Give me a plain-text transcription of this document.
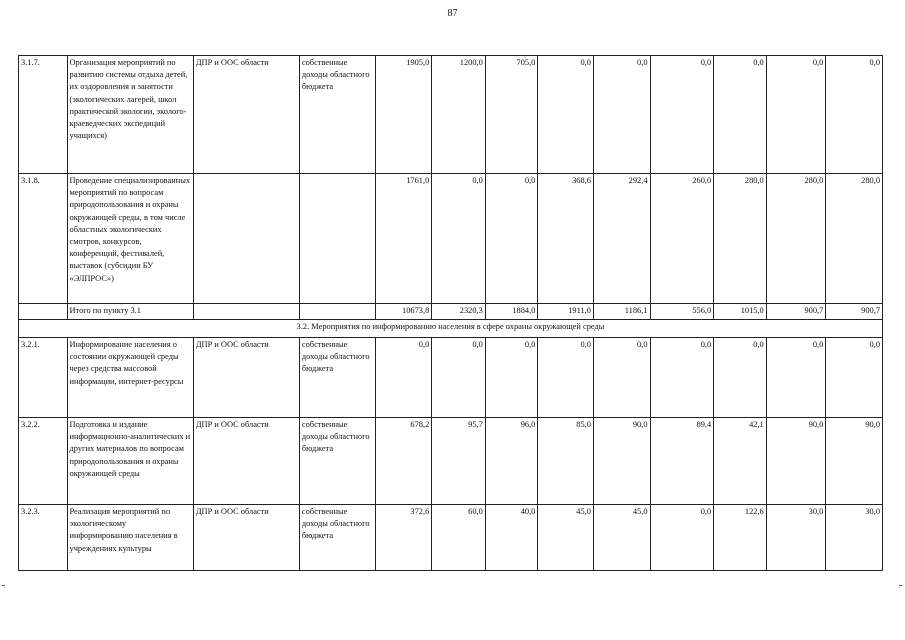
87
3.1.7.	Организация мероприятий по развитию системы отдыха детей, их оздоровления и занятости (экологических лагерей, школ практической экологии, эколого-краеведческих экспедиций учащихся)	ДПР и ООС области	собственные доходы областного бюджета	1905,0	1200,0	705,0	0,0	0,0	0,0	0,0	0,0	0,0
3.1.8.	Проведение специализированных мероприятий по вопросам природопользования и охраны окружающей среды, в том числе областных экологических смотров, конкурсов, конференций, фестивалей, выставок (субсидии БУ «ЭЛПРОС»)			1761,0	0,0	0,0	368,6	292,4	260,0	280,0	280,0	280,0
	Итого по пункту 3.1			10673,8	2320,3	1884,0	1911,0	1186,1	556,0	1015,0	900,7	900,7
3.2. Мероприятия по информированию населения в сфере охраны окружающей среды												
3.2.1.	Информирование населения о состоянии окружающей среды через средства массовой информации, интернет-ресурсы	ДПР и ООС области	собственные доходы областного бюджета	0,0	0,0	0,0	0,0	0,0	0,0	0,0	0,0	0,0
3.2.2.	Подготовка и издание информационно-аналитических и других материалов по вопросам природопользования и охраны окружающей среды	ДПР и ООС области	собственные доходы областного бюджета	678,2	95,7	96,0	85,0	90,0	89,4	42,1	90,0	90,0
3.2.3.	Реализация мероприятий по экологическому информированию населения в учреждениях культуры	ДПР и ООС области	собственные доходы областного бюджета	372,6	60,0	40,0	45,0	45,0	0,0	122,6	30,0	30,0
